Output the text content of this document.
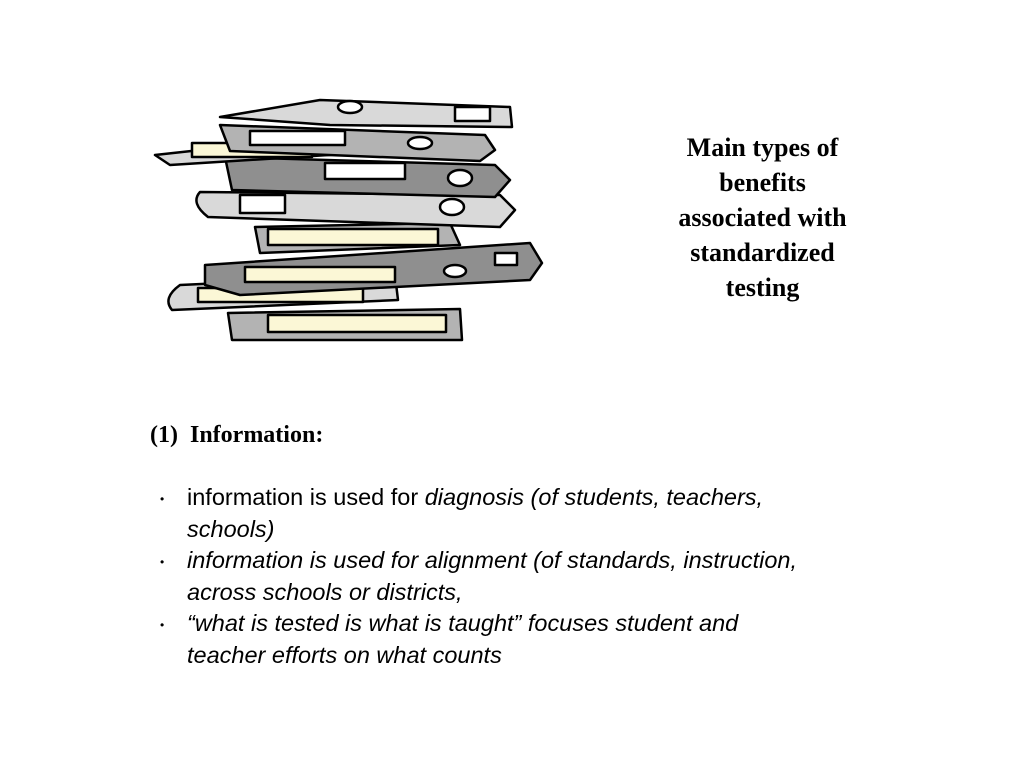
Main types of
benefits
associated with
standardized
testing
(1)  Information:
• information is used for diagnosis (of students, teachers,
schools)
• information is used for alignment (of standards, instruction,
across schools or districts,
• “what is tested is what is taught” focuses student and
teacher efforts on what counts
